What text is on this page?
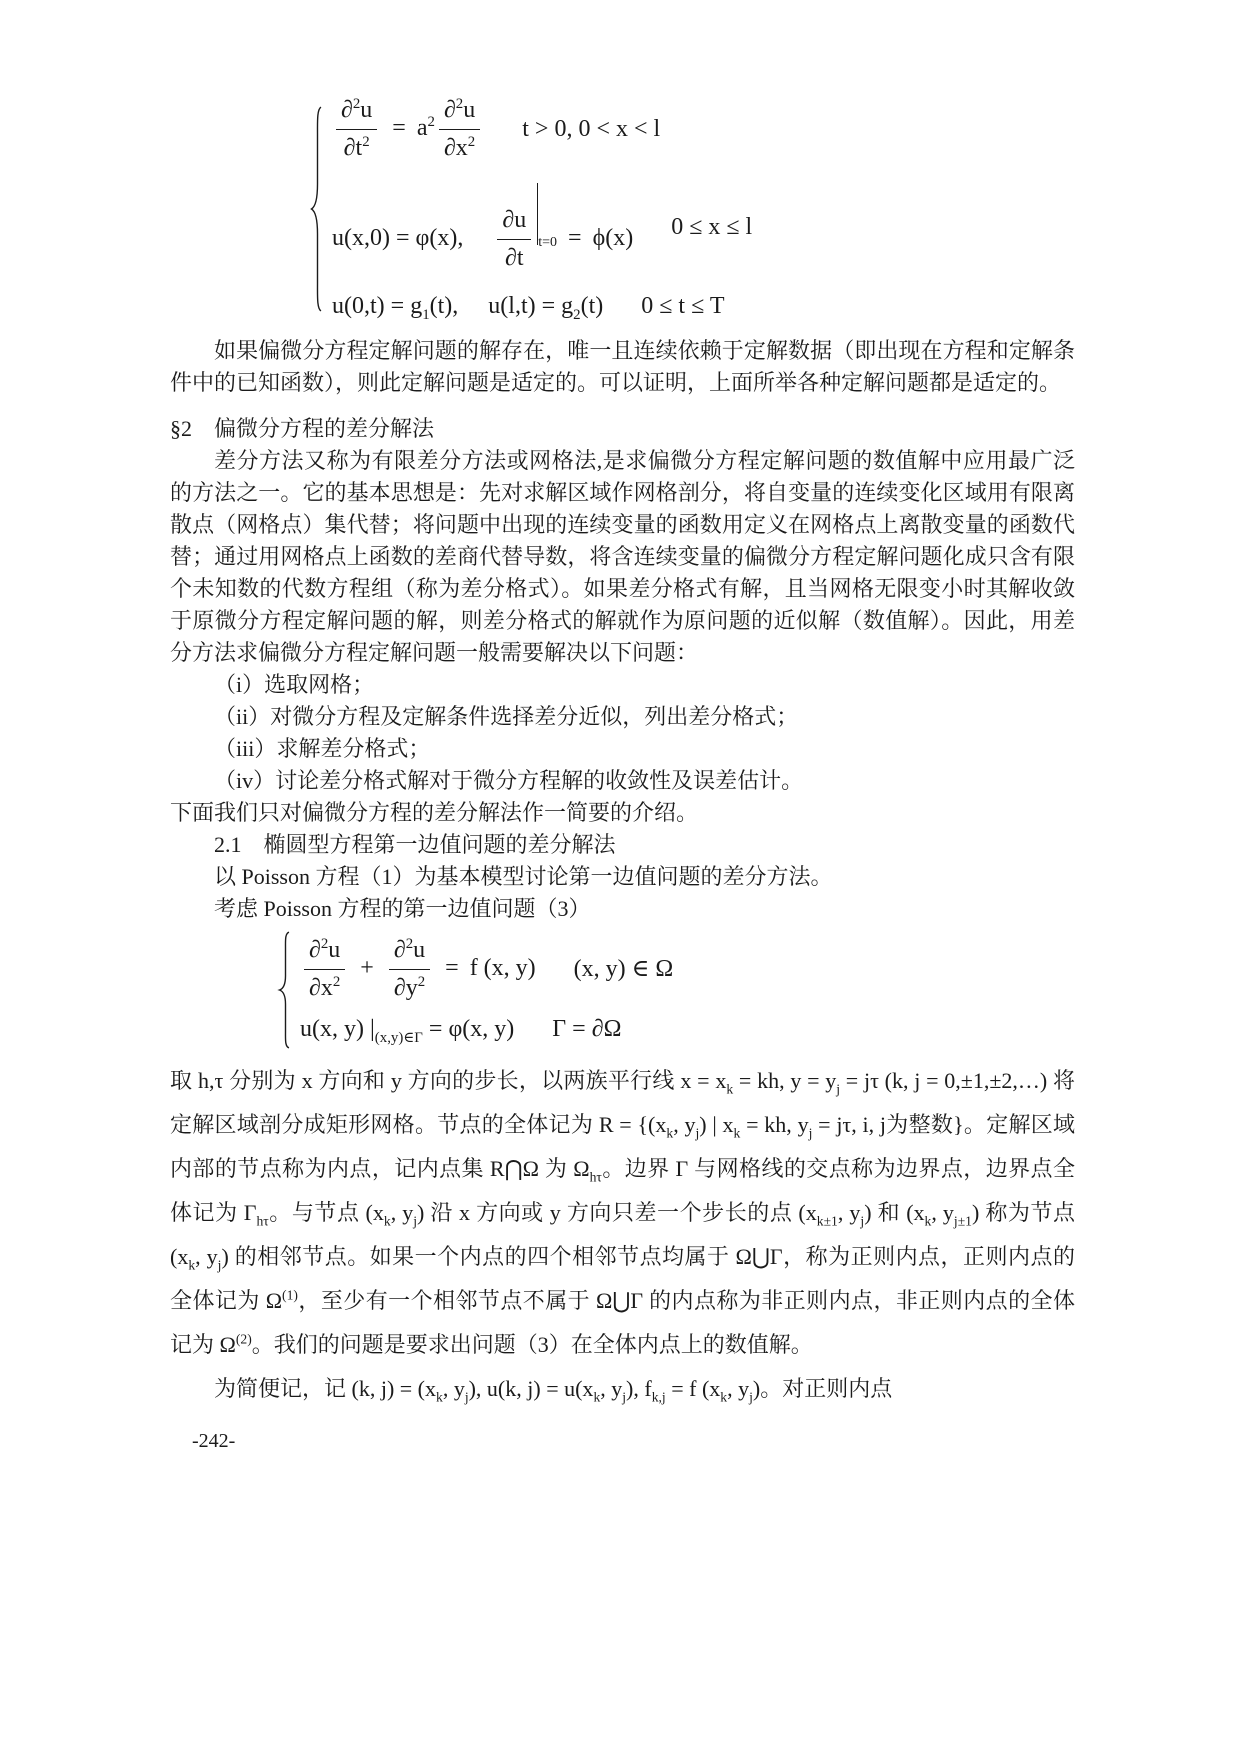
$\frac{\partial^2u}{\partial t^2} = a^2 \frac{\partial^2u}{\partial x^2}$ t > 0, 0 < x < l
u(x,0) = φ(x), $\frac{\partial u}{\partial t} t=0 = \phi(x) 0 \le x \le l$
$u(0,t) = g_1(t)$, $u(l,t) = g_2(t) 0 \le t \le T$

如果偏微分方程定解问题的解存在，唯一且连续依赖于定解数据（即出现在方程和定解条件中的已知函数），则此定解问题是适定的。可以证明，上面所举各种定解问题都是适定的。

§2　偏微分方程的差分解法

差分方法又称为有限差分方法或网格法,是求偏微分方程定解问题的数值解中应用最广泛的方法之一。它的基本思想是：先对求解区域作网格剖分，将自变量的连续变化区域用有限离散点（网格点）集代替；将问题中出现的连续变量的函数用定义在网格点上离散变量的函数代替；通过用网格点上函数的差商代替导数，将含连续变量的偏微分方程定解问题化成只含有限个未知数的代数方程组（称为差分格式）。如果差分格式有解，且当网格无限变小时其解收敛于原微分方程定解问题的解，则差分格式的解就作为原问题的近似解（数值解）。因此，用差分方法求偏微分方程定解问题一般需要解决以下问题：

（i）选取网格；

（ii）对微分方程及定解条件选择差分近似，列出差分格式；

（iii）求解差分格式；

（iv）讨论差分格式解对于微分方程解的收敛性及误差估计。

下面我们只对偏微分方程的差分解法作一简要的介绍。

2.1　椭圆型方程第一边值问题的差分解法

以 Poisson 方程（1）为基本模型讨论第一边值问题的差分方法。

考虑 Poisson 方程的第一边值问题（3）

$\frac{\partial^2u}{\partial x^2} + \frac{\partial^2u}{\partial y^2} = f$ (x, y) (x, y) ∈ Ω
u(x, y) $|_{(x,y)\in\Gamma} = \varphi(x$, y) Γ = ∂Ω

取 h,τ 分别为 x 方向和 y 方向的步长，以两族平行线 $x = x_k$ = kh, $y = y_j = j\tau$ (k, j = 0,±1,±2,…) 将定解区域剖分成矩形网格。节点的全体记为 $R = \{(x_k$, $y_j$) | $x_k$ = kh, $y_j = j\tau$, i, j为整数}。定解区域内部的节点称为内点，记内点集 R⋂Ω 为 $\Omega_{h\tau}$。边界 Γ 与网格线的交点称为边界点，边界点全体记为 $\Gamma_{h\tau}$。与节点 ($x_k$, $y_j$) 沿 x 方向或 y 方向只差一个步长的点 ($x_{k\pm 1}$, $y_j$) 和 ($x_k$, $y_{j\pm 1}$) 称为节点 ($x_k$, $y_j$) 的相邻节点。如果一个内点的四个相邻节点均属于 Ω⋃Γ，称为正则内点，正则内点的全体记为 $\Omega^{(1)}$，至少有一个相邻节点不属于 Ω⋃Γ 的内点称为非正则内点，非正则内点的全体记为 $\Omega^{(2)}$。我们的问题是要求出问题（3）在全体内点上的数值解。

为简便记，记 (k, $j) = (x_k$, $y_j$), u(k, $j) = u(x_k$, $y_j$), $f_{k,j} = f$ ($x_k$, $y_j$)。对正则内点

-242-
